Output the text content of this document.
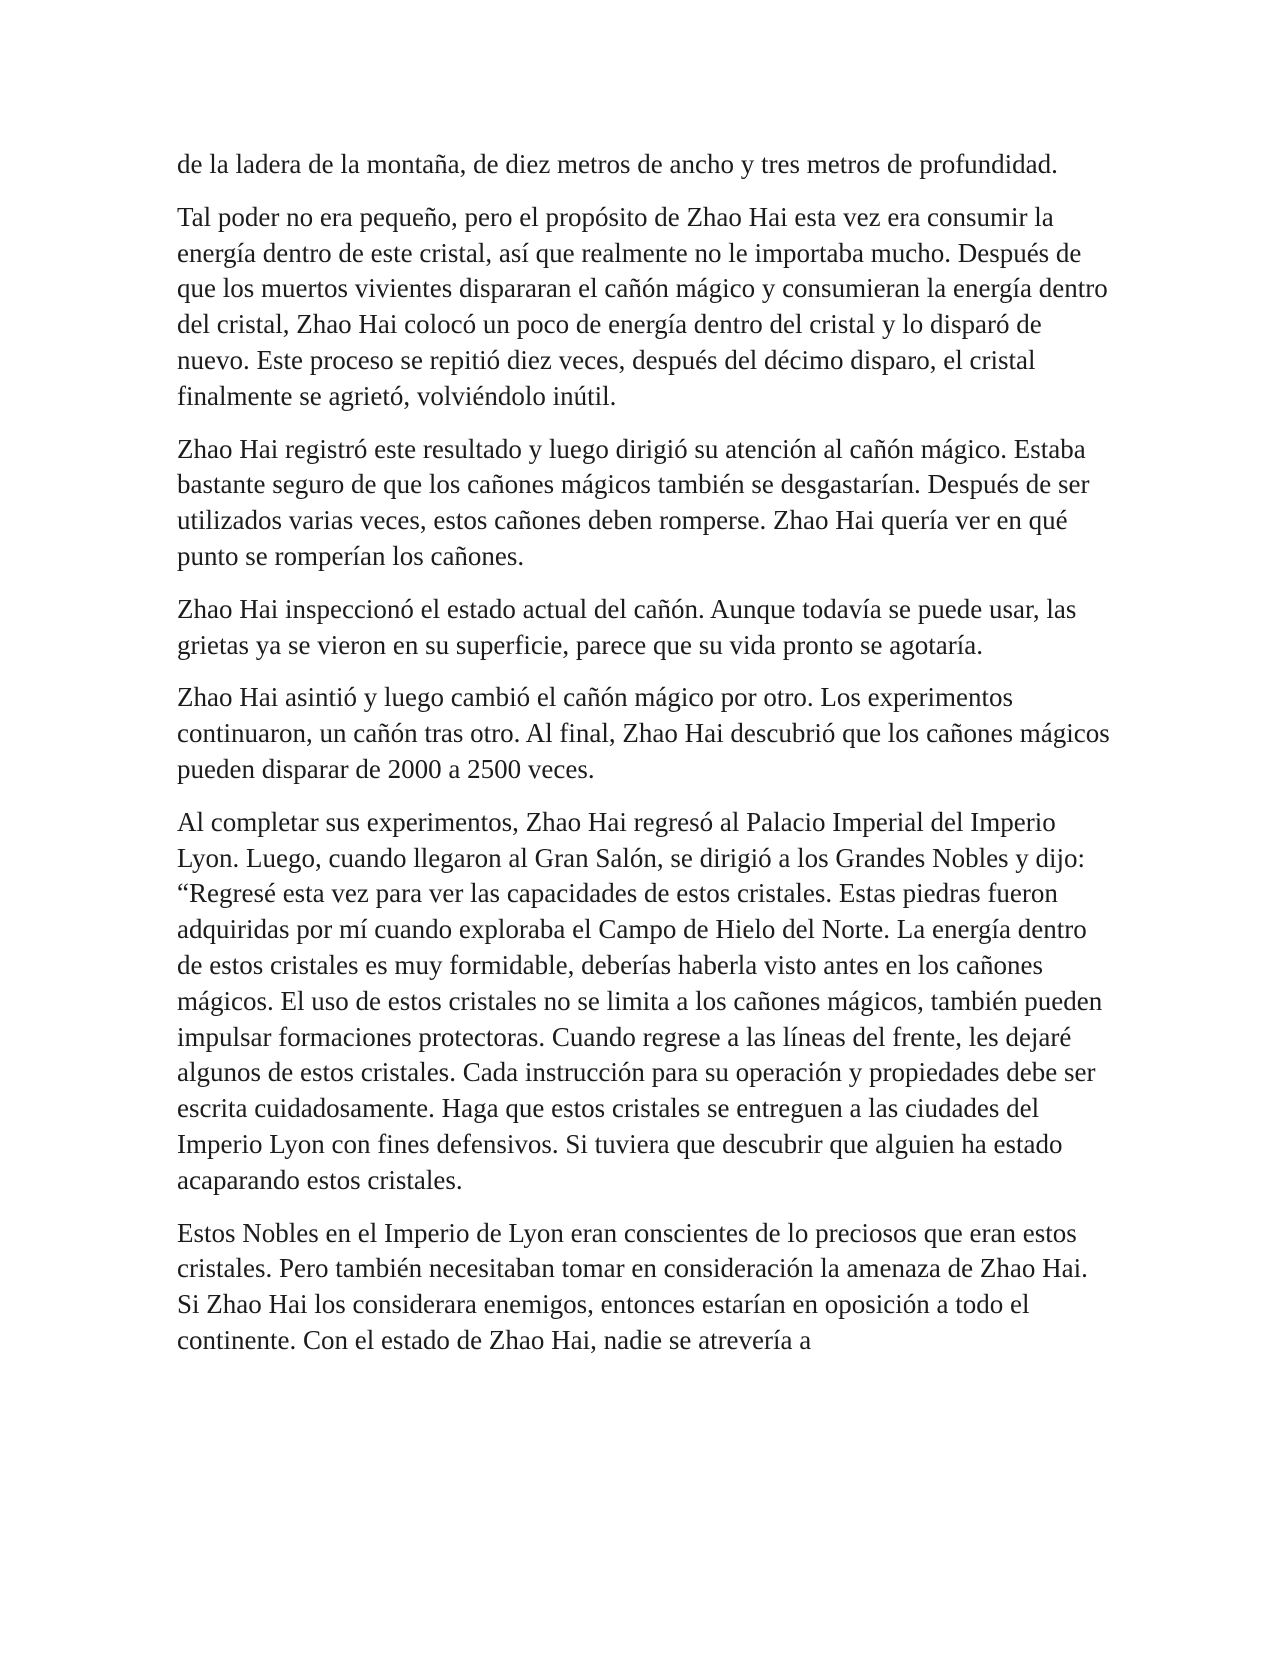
de la ladera de la montaña, de diez metros de ancho y tres metros de profundidad.

Tal poder no era pequeño, pero el propósito de Zhao Hai esta vez era consumir la energía dentro de este cristal, así que realmente no le importaba mucho. Después de que los muertos vivientes dispararan el cañón mágico y consumieran la energía dentro del cristal, Zhao Hai colocó un poco de energía dentro del cristal y lo disparó de nuevo. Este proceso se repitió diez veces, después del décimo disparo, el cristal finalmente se agrietó, volviéndolo inútil.

Zhao Hai registró este resultado y luego dirigió su atención al cañón mágico. Estaba bastante seguro de que los cañones mágicos también se desgastarían. Después de ser utilizados varias veces, estos cañones deben romperse. Zhao Hai quería ver en qué punto se romperían los cañones.

Zhao Hai inspeccionó el estado actual del cañón. Aunque todavía se puede usar, las grietas ya se vieron en su superficie, parece que su vida pronto se agotaría.

Zhao Hai asintió y luego cambió el cañón mágico por otro. Los experimentos continuaron, un cañón tras otro. Al final, Zhao Hai descubrió que los cañones mágicos pueden disparar de 2000 a 2500 veces.

Al completar sus experimentos, Zhao Hai regresó al Palacio Imperial del Imperio Lyon. Luego, cuando llegaron al Gran Salón, se dirigió a los Grandes Nobles y dijo: “Regresé esta vez para ver las capacidades de estos cristales. Estas piedras fueron adquiridas por mí cuando exploraba el Campo de Hielo del Norte. La energía dentro de estos cristales es muy formidable, deberías haberla visto antes en los cañones mágicos. El uso de estos cristales no se limita a los cañones mágicos, también pueden impulsar formaciones protectoras. Cuando regrese a las líneas del frente, les dejaré algunos de estos cristales. Cada instrucción para su operación y propiedades debe ser escrita cuidadosamente. Haga que estos cristales se entreguen a las ciudades del Imperio Lyon con fines defensivos. Si tuviera que descubrir que alguien ha estado acaparando estos cristales.

Estos Nobles en el Imperio de Lyon eran conscientes de lo preciosos que eran estos cristales. Pero también necesitaban tomar en consideración la amenaza de Zhao Hai. Si Zhao Hai los considerara enemigos, entonces estarían en oposición a todo el continente. Con el estado de Zhao Hai, nadie se atrevería a
